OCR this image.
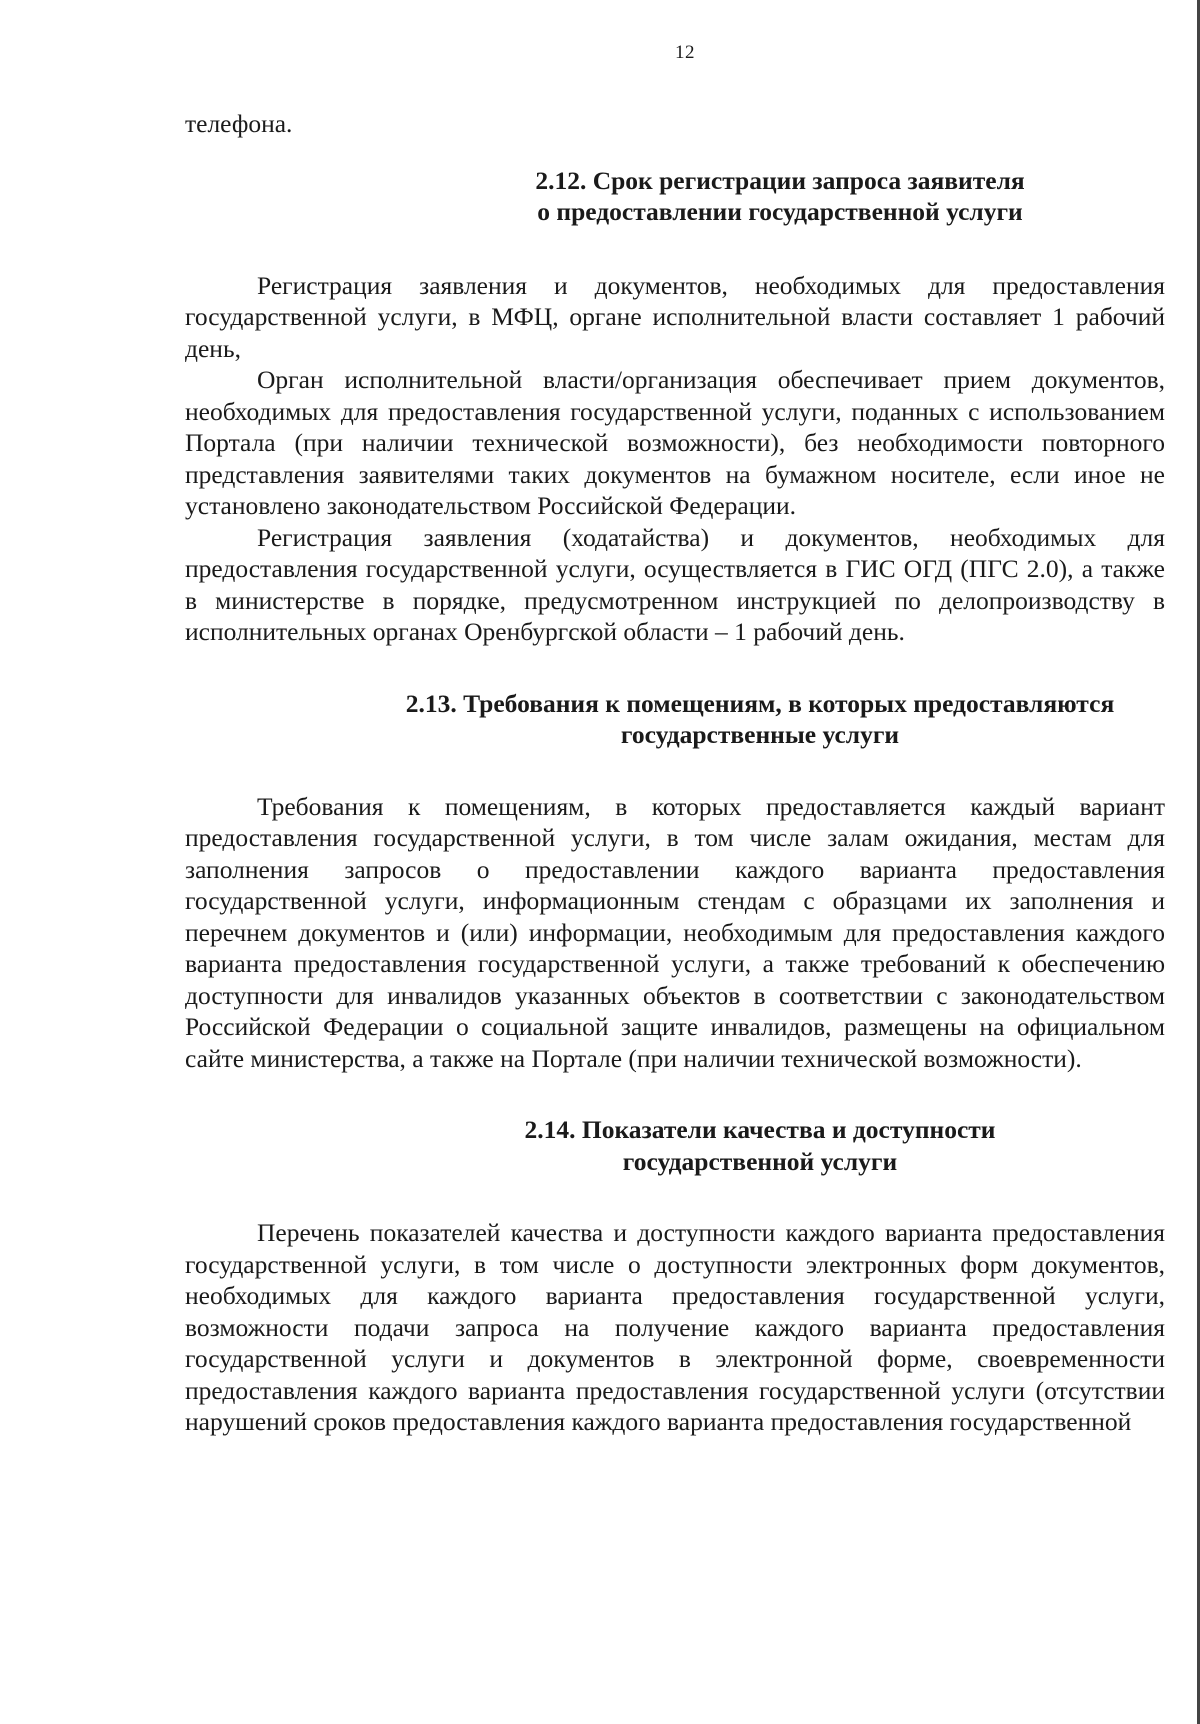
12

телефона.

2.12. Срок регистрации запроса заявителя
о предоставлении государственной услуги

Регистрация заявления и документов, необходимых для предоставления государственной услуги, в МФЦ, органе исполнительной власти составляет 1 рабочий день,

Орган исполнительной власти/организация обеспечивает прием документов, необходимых для предоставления государственной услуги, поданных с использованием Портала (при наличии технической возможности), без необходимости повторного представления заявителями таких документов на бумажном носителе, если иное не установлено законодательством Российской Федерации.

Регистрация заявления (ходатайства) и документов, необходимых для предоставления государственной услуги, осуществляется в ГИС ОГД (ПГС 2.0), а также в министерстве в порядке, предусмотренном инструкцией по делопроизводству в исполнительных органах Оренбургской области – 1 рабочий день.

2.13. Требования к помещениям, в которых предоставляются
государственные услуги

Требования к помещениям, в которых предоставляется каждый вариант предоставления государственной услуги, в том числе залам ожидания, местам для заполнения запросов о предоставлении каждого варианта предоставления государственной услуги, информационным стендам с образцами их заполнения и перечнем документов и (или) информации, необходимым для предоставления каждого варианта предоставления государственной услуги, а также требований к обеспечению доступности для инвалидов указанных объектов в соответствии с законодательством Российской Федерации о социальной защите инвалидов, размещены на официальном сайте министерства, а также на Портале (при наличии технической возможности).

2.14. Показатели качества и доступности
государственной услуги

Перечень показателей качества и доступности каждого варианта предоставления государственной услуги, в том числе о доступности электронных форм документов, необходимых для каждого варианта предоставления государственной услуги, возможности подачи запроса на получение каждого варианта предоставления государственной услуги и документов в электронной форме, своевременности предоставления каждого варианта предоставления государственной услуги (отсутствии нарушений сроков предоставления каждого варианта предоставления государственной
